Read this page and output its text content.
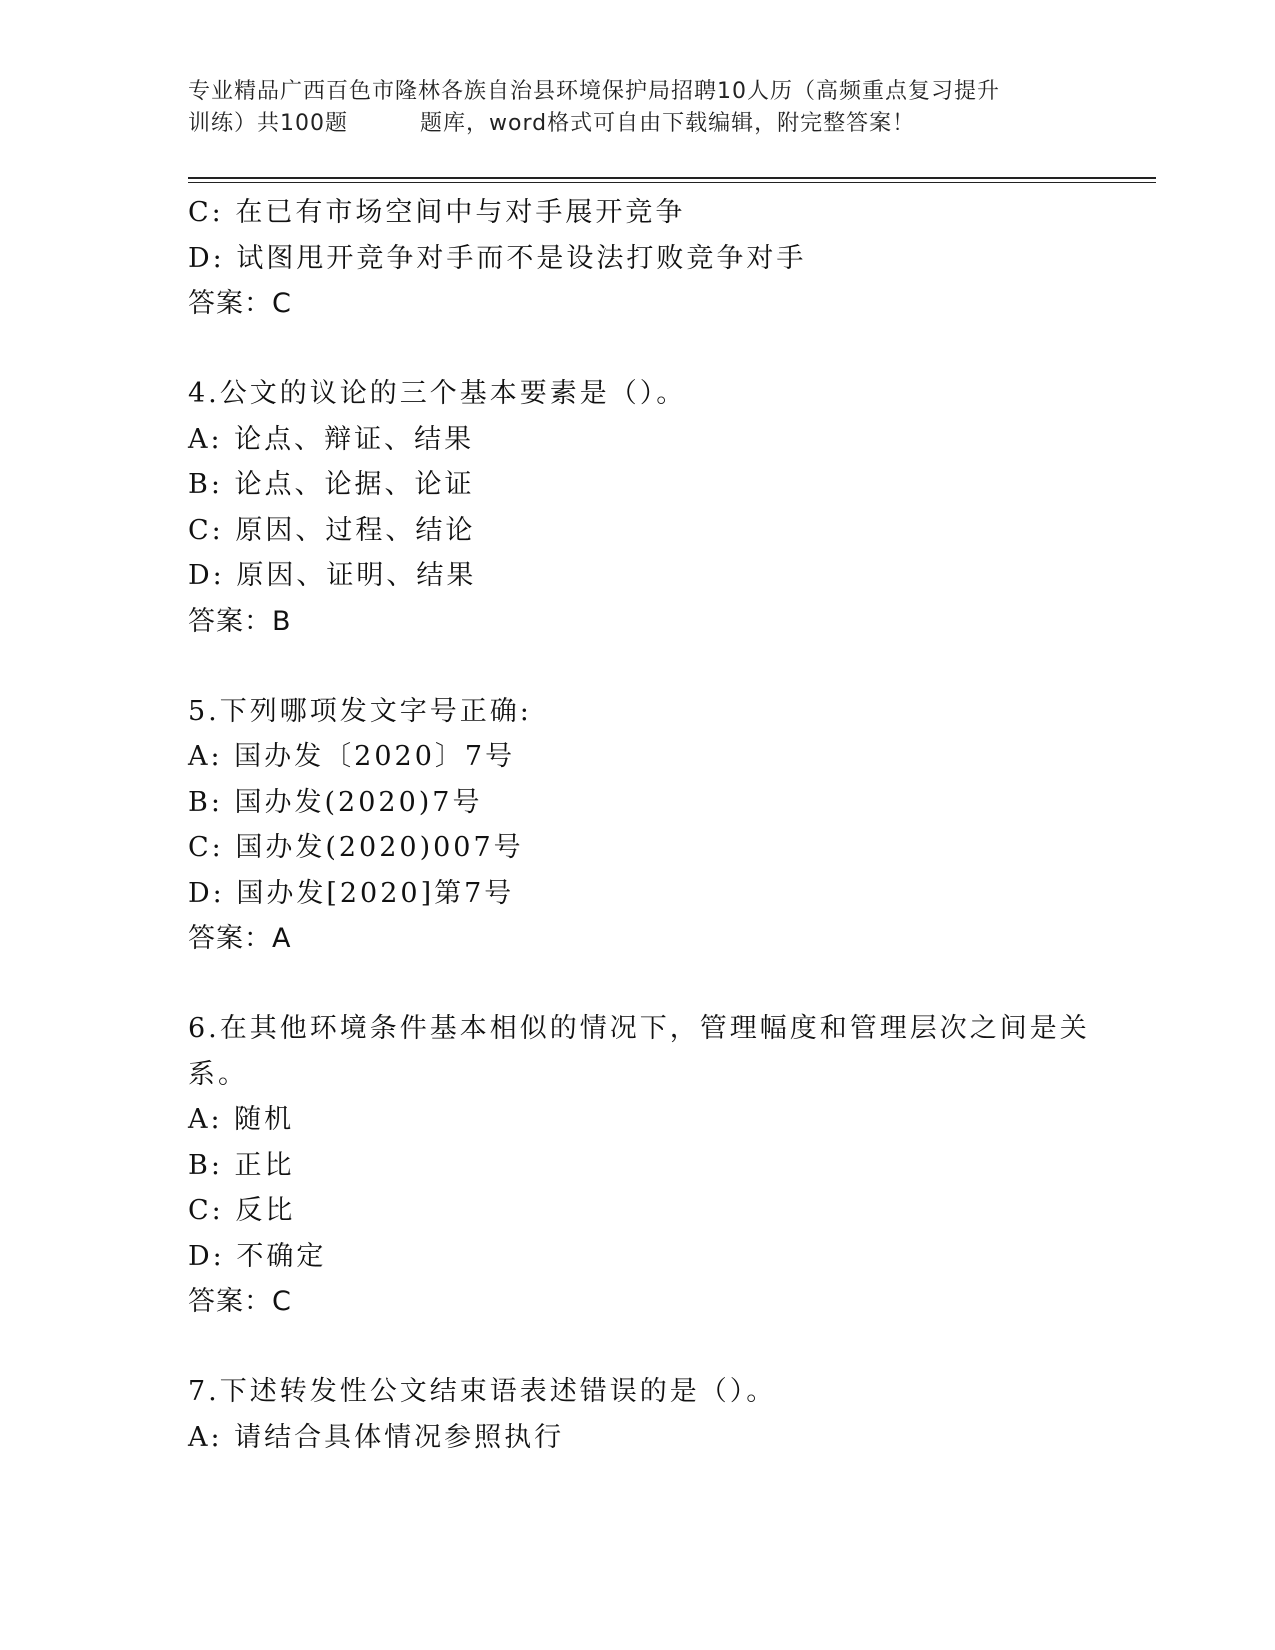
专业精品广西百色市隆林各族自治县环境保护局招聘10人历（高频重点复习提升
训练）共100题	题库，word格式可自由下载编辑，附完整答案！
C: 在已有市场空间中与对手展开竞争
D: 试图甩开竞争对手而不是设法打败竞争对手
答案：C
4.公文的议论的三个基本要素是（）。
A: 论点、辩证、结果
B: 论点、论据、论证
C: 原因、过程、结论
D: 原因、证明、结果
答案：B
5.下列哪项发文字号正确:
A: 国办发〔2020〕7号
B: 国办发(2020)7号
C: 国办发(2020)007号
D: 国办发[2020]第7号
答案：A
6.在其他环境条件基本相似的情况下，管理幅度和管理层次之间是关
系。
A: 随机
B: 正比
C: 反比
D: 不确定
答案：C
7.下述转发性公文结束语表述错误的是（）。
A: 请结合具体情况参照执行
